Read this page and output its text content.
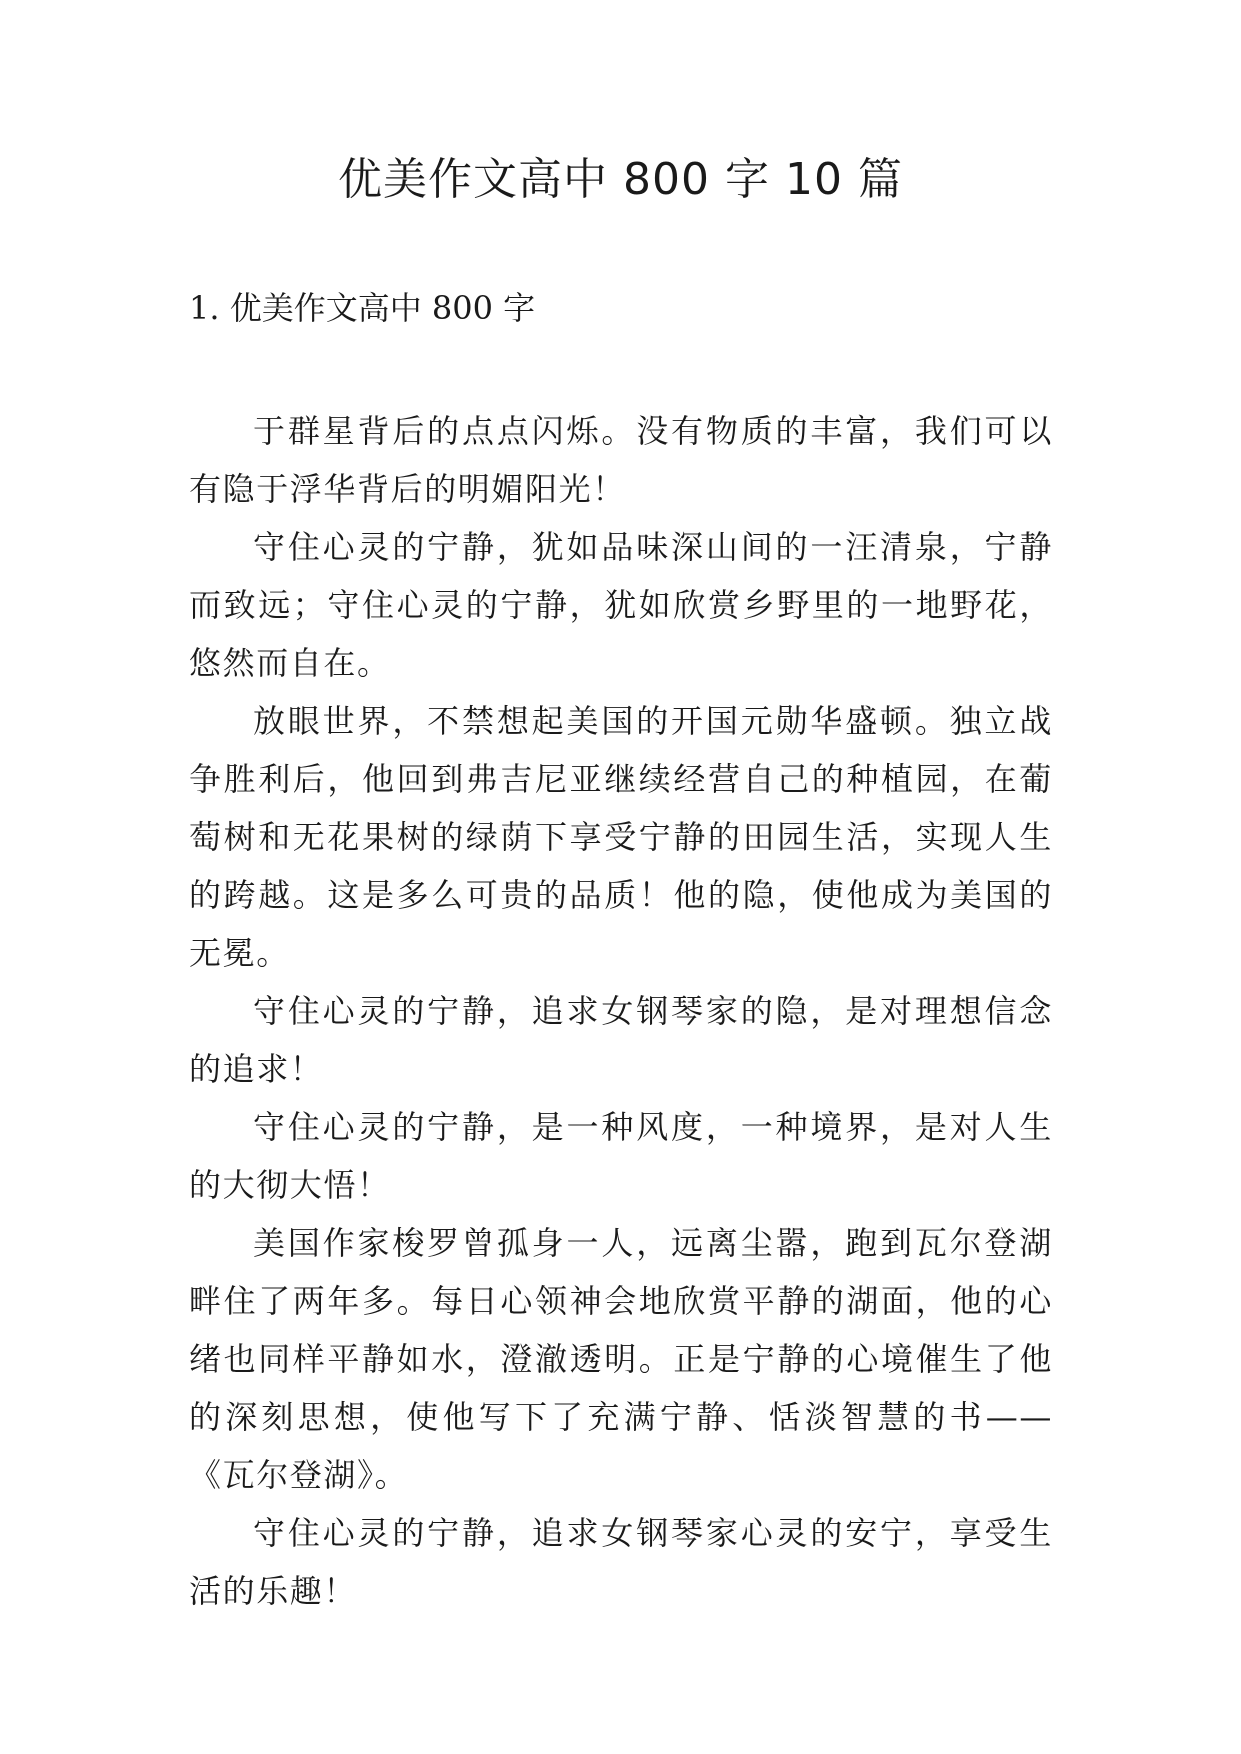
优美作文高中 800 字 10 篇
1. 优美作文高中 800 字

于群星背后的点点闪烁。没有物质的丰富，我们可以有隐于浮华背后的明媚阳光！

守住心灵的宁静，犹如品味深山间的一汪清泉，宁静而致远；守住心灵的宁静，犹如欣赏乡野里的一地野花，悠然而自在。

放眼世界，不禁想起美国的开国元勋华盛顿。独立战争胜利后，他回到弗吉尼亚继续经营自己的种植园，在葡萄树和无花果树的绿荫下享受宁静的田园生活，实现人生的跨越。这是多么可贵的品质！他的隐，使他成为美国的无冕。

守住心灵的宁静，追求女钢琴家的隐，是对理想信念的追求！

守住心灵的宁静，是一种风度，一种境界，是对人生的大彻大悟！

美国作家梭罗曾孤身一人，远离尘嚣，跑到瓦尔登湖畔住了两年多。每日心领神会地欣赏平静的湖面，他的心绪也同样平静如水，澄澈透明。正是宁静的心境催生了他的深刻思想，使他写下了充满宁静、恬淡智慧的书——《瓦尔登湖》。

守住心灵的宁静，追求女钢琴家心灵的安宁，享受生活的乐趣！
